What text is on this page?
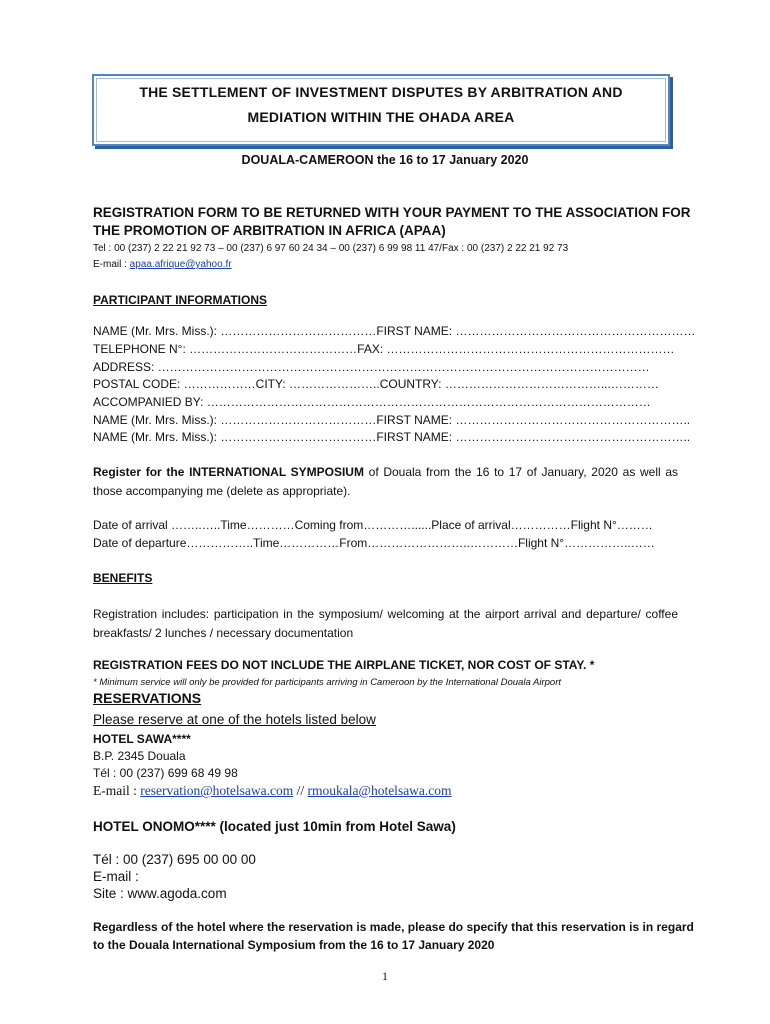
THE SETTLEMENT OF INVESTMENT DISPUTES BY ARBITRATION AND
MEDIATION WITHIN THE OHADA AREA
DOUALA-CAMEROON the 16 to 17 January 2020
REGISTRATION FORM TO BE RETURNED WITH YOUR PAYMENT TO THE ASSOCIATION FOR
THE PROMOTION OF ARBITRATION IN AFRICA (APAA)
Tel : 00 (237) 2 22 21 92 73 – 00 (237) 6 97 60 24 34 – 00 (237) 6 99 98 11 47/Fax : 00 (237) 2 22 21 92 73
E-mail : apaa.afrique@yahoo.fr
PARTICIPANT INFORMATIONS
NAME (Mr. Mrs. Miss.): …………………………………FIRST NAME: ……………………………………………………
TELEPHONE N°: ……………………………………FAX: ………………………………………………………………
ADDRESS: ……………………………………………………………………………………………………………
POSTAL CODE: ………………CITY: …………………..COUNTRY: …………………………………...…………
ACCOMPANIED BY: …………………………………………………………………………………………………
NAME (Mr. Mrs. Miss.): …………………………………FIRST NAME: …………………………………………………..
NAME (Mr. Mrs. Miss.): …………………………………FIRST NAME: …………………………………………………..
Register for the INTERNATIONAL SYMPOSIUM of Douala from the 16 to 17 of January, 2020 as well as those accompanying me (delete as appropriate).
Date of arrival ……..…..Time…………Coming from…………......Place of arrival……………Flight N°………
Date of departure……………..Time……………From……………………..…………Flight N°……………..……
BENEFITS
Registration includes: participation in the symposium/ welcoming at the airport arrival and departure/ coffee breakfasts/ 2 lunches / necessary documentation
REGISTRATION FEES DO NOT INCLUDE THE AIRPLANE TICKET, NOR COST OF STAY. *
* Minimum service will only be provided for participants arriving in Cameroon by the International Douala Airport
RESERVATIONS
Please reserve at one of the hotels listed below
HOTEL SAWA****
B.P. 2345 Douala
Tél : 00 (237) 699 68 49 98
E-mail : reservation@hotelsawa.com // rmoukala@hotelsawa.com
HOTEL ONOMO**** (located just 10min from Hotel Sawa)
Tél : 00 (237) 695 00 00 00
E-mail :
Site : www.agoda.com
Regardless of the hotel where the reservation is made, please do specify that this reservation is in regard
to the Douala International Symposium from the 16 to 17 January 2020
1
